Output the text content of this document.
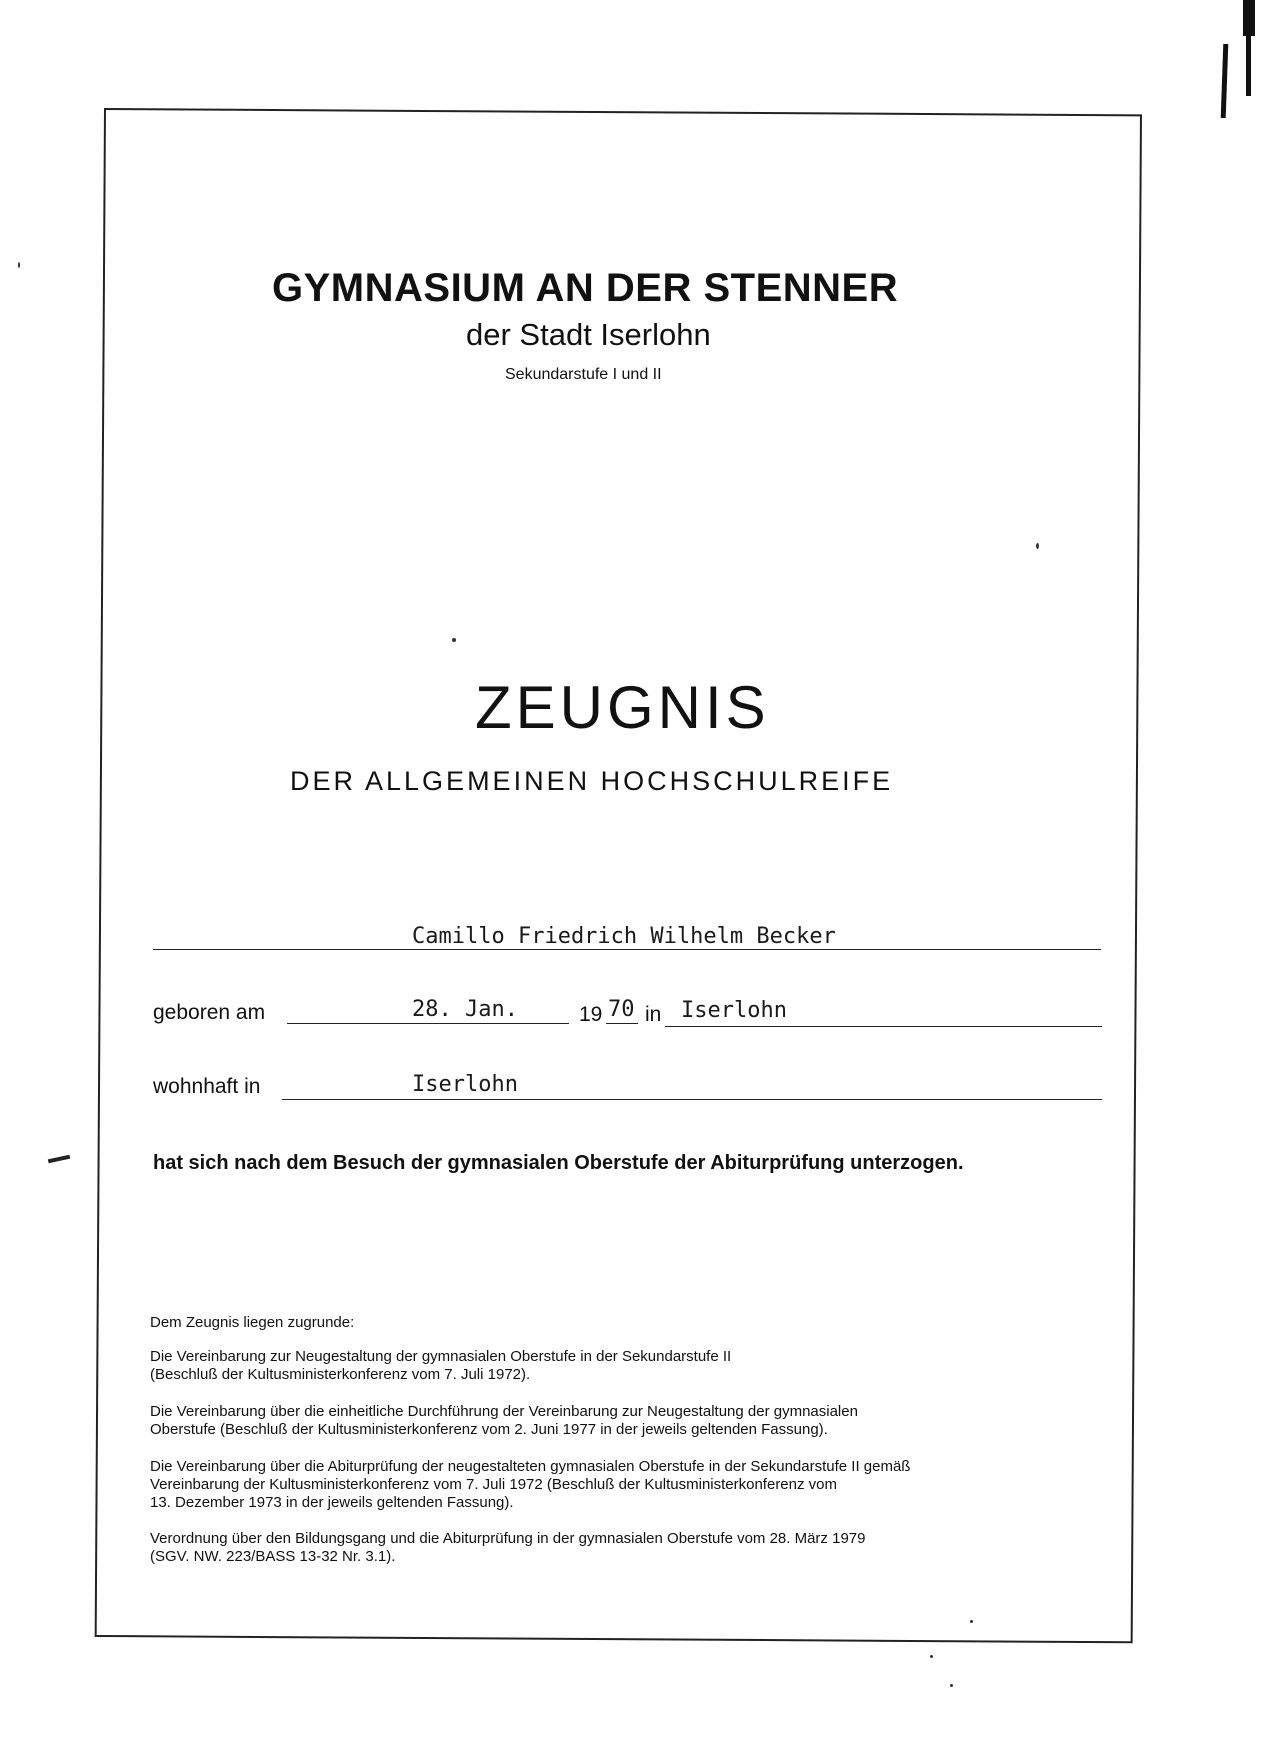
GYMNASIUM AN DER STENNER
der Stadt Iserlohn
Sekundarstufe I und II
ZEUGNIS
DER ALLGEMEINEN HOCHSCHULREIFE
Camillo Friedrich Wilhelm Becker
geboren am	28. Jan.	19 70 in Iserlohn
wohnhaft in	Iserlohn
hat sich nach dem Besuch der gymnasialen Oberstufe der Abiturprüfung unterzogen.
Dem Zeugnis liegen zugrunde:
Die Vereinbarung zur Neugestaltung der gymnasialen Oberstufe in der Sekundarstufe II
(Beschluß der Kultusministerkonferenz vom 7. Juli 1972).
Die Vereinbarung über die einheitliche Durchführung der Vereinbarung zur Neugestaltung der gymnasialen
Oberstufe (Beschluß der Kultusministerkonferenz vom 2. Juni 1977 in der jeweils geltenden Fassung).
Die Vereinbarung über die Abiturprüfung der neugestalteten gymnasialen Oberstufe in der Sekundarstufe II gemäß
Vereinbarung der Kultusministerkonferenz vom 7. Juli 1972 (Beschluß der Kultusministerkonferenz vom
13. Dezember 1973 in der jeweils geltenden Fassung).
Verordnung über den Bildungsgang und die Abiturprüfung in der gymnasialen Oberstufe vom 28. März 1979
(SGV. NW. 223/BASS 13-32 Nr. 3.1).
